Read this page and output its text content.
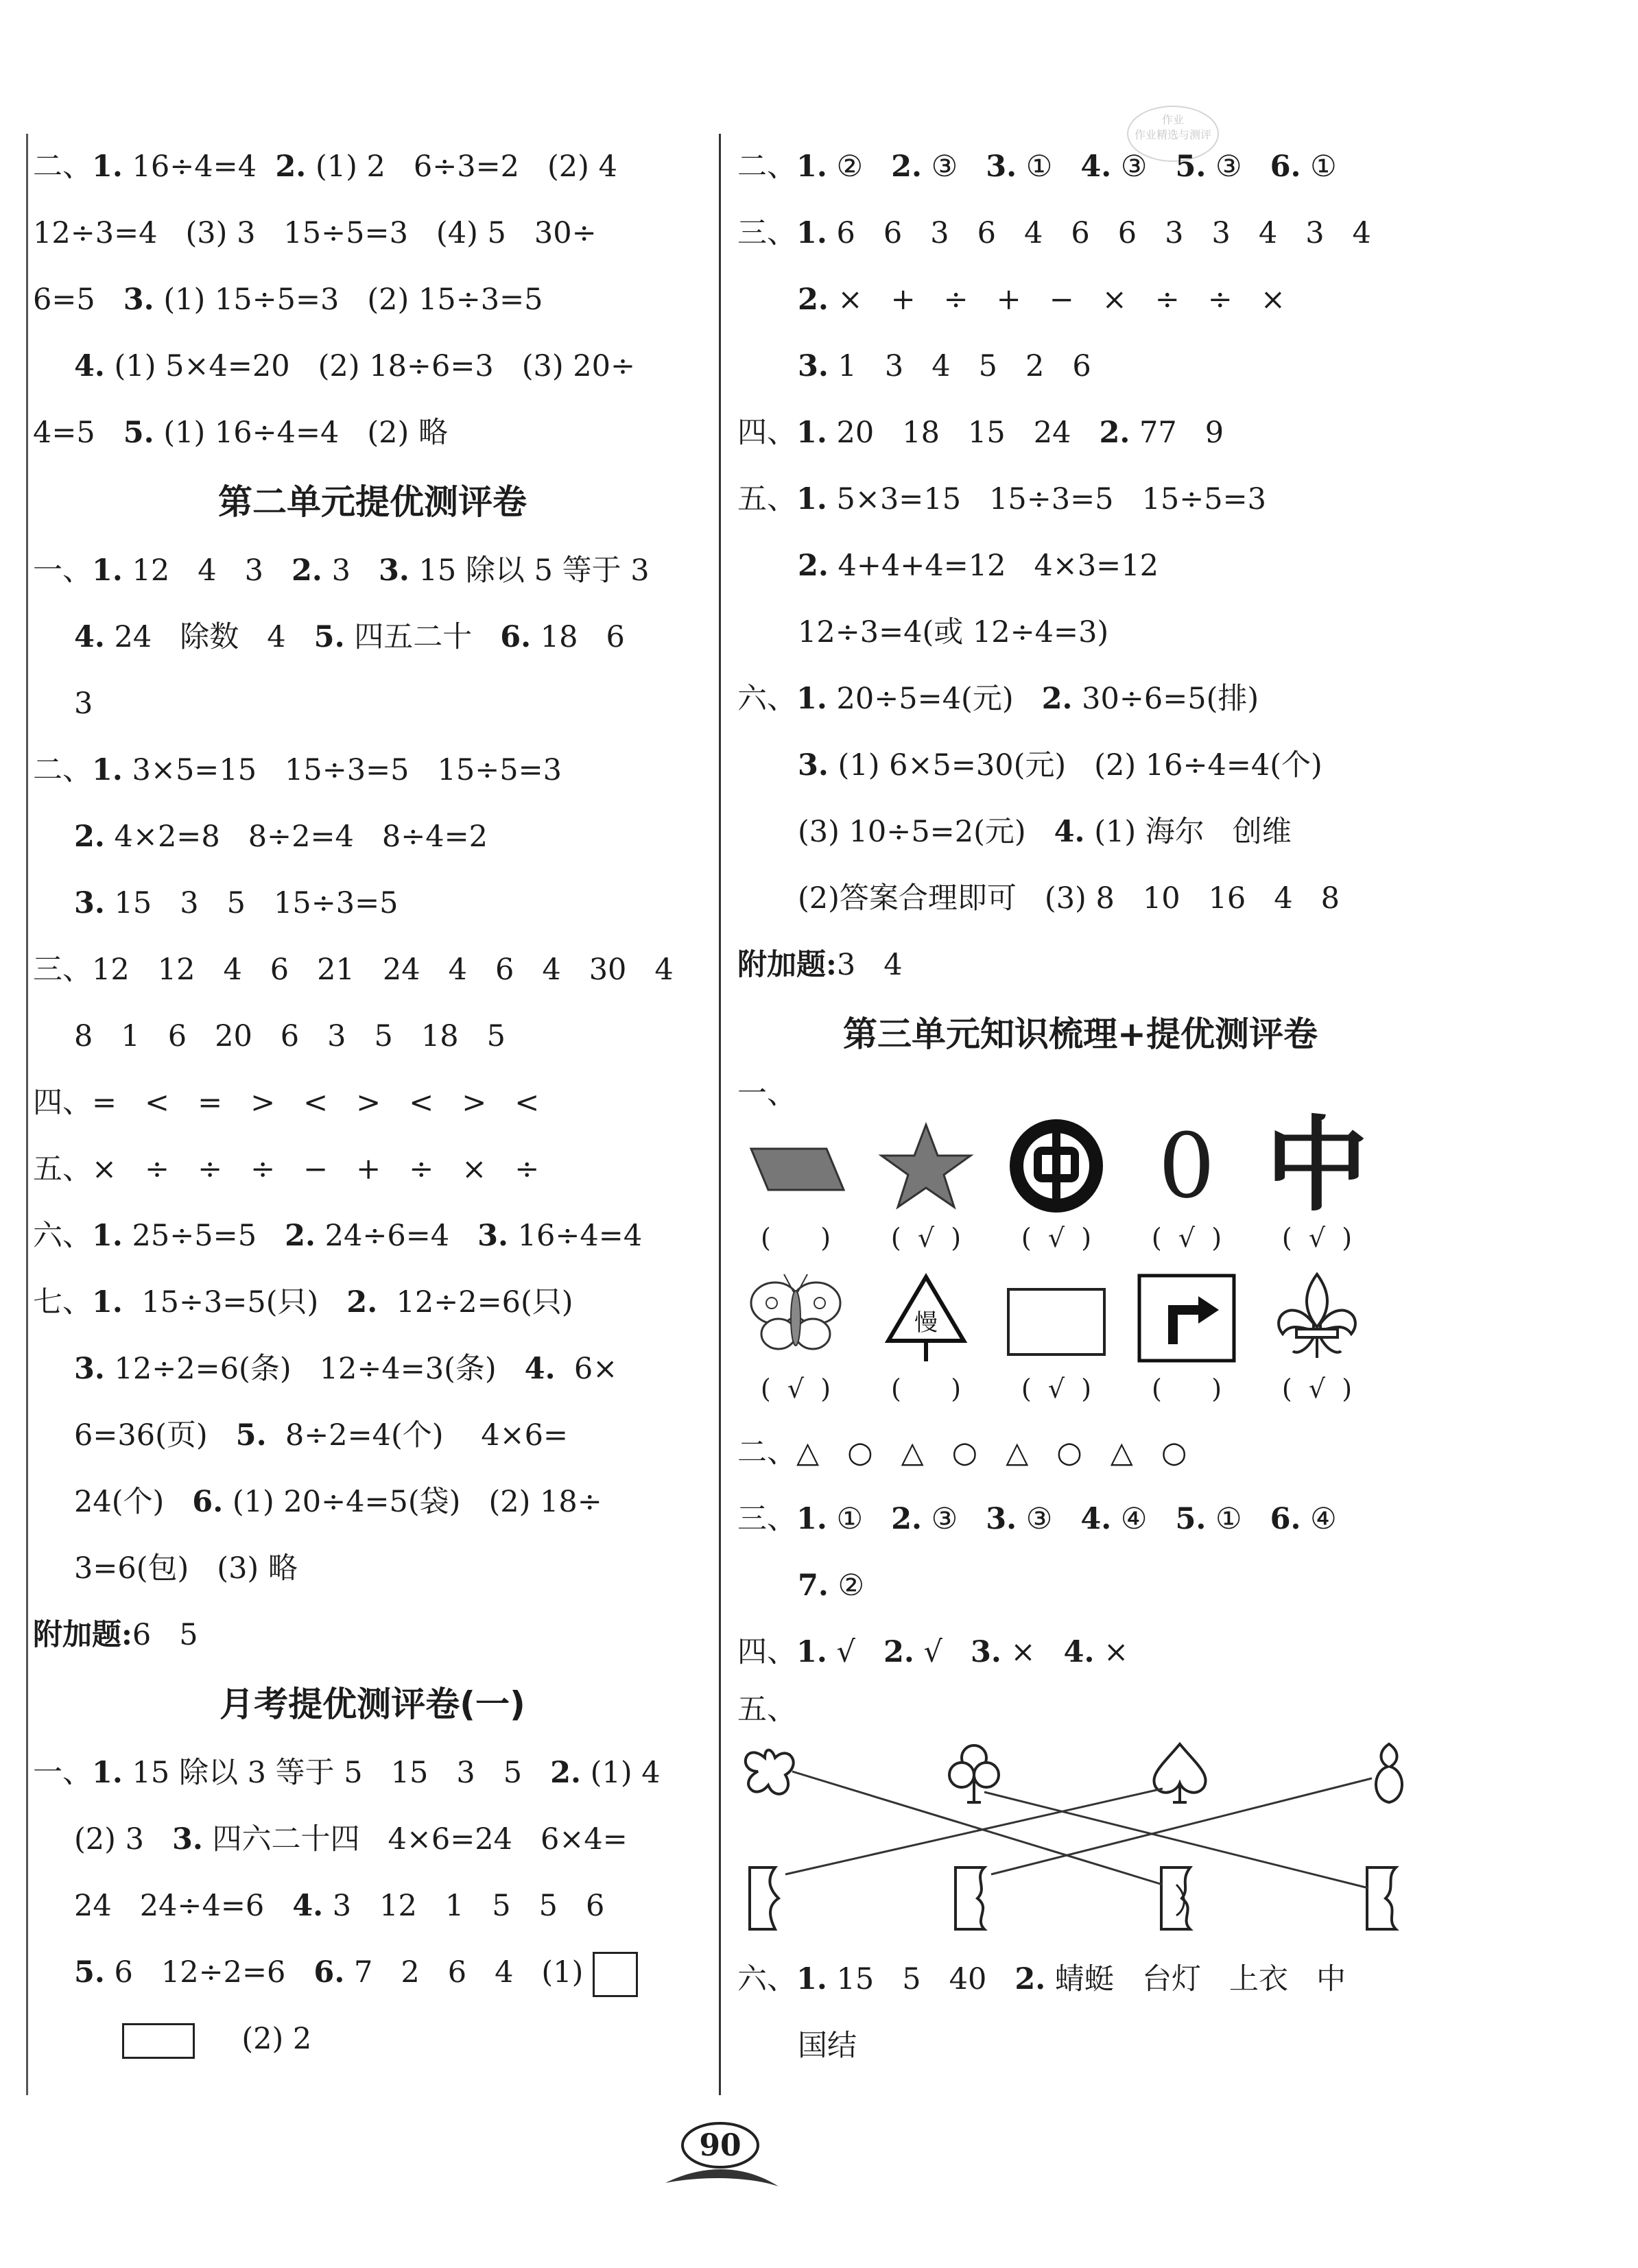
作业
作业精选与测评
二、1. 16÷4=4  2. (1) 2   6÷3=2   (2) 4
12÷3=4   (3) 3   15÷5=3   (4) 5   30÷
6=5   3. (1) 15÷5=3   (2) 15÷3=5
4. (1) 5×4=20   (2) 18÷6=3   (3) 20÷
4=5   5. (1) 16÷4=4   (2) 略
第二单元提优测评卷
一、1. 12   4   3   2. 3   3. 15 除以 5 等于 3
4. 24   除数   4   5. 四五二十   6. 18   6
3
二、1. 3×5=15   15÷3=5   15÷5=3
2. 4×2=8   8÷2=4   8÷4=2
3. 15   3   5   15÷3=5
三、12   12   4   6   21   24   4   6   4   30   4
8   1   6   20   6   3   5   18   5
四、=   <   =   >   <   >   <   >   <
五、×   ÷   ÷   ÷   −   +   ÷   ×   ÷
六、1. 25÷5=5   2. 24÷6=4   3. 16÷4=4
七、1.  15÷3=5(只)   2.  12÷2=6(只)
3. 12÷2=6(条)   12÷4=3(条)   4.  6×
6=36(页)   5.  8÷2=4(个)    4×6=
24(个)   6. (1) 20÷4=5(袋)   (2) 18÷
3=6(包)   (3) 略
附加题:6   5
月考提优测评卷(一)
一、1. 15 除以 3 等于 5   15   3   5   2. (1) 4
(2) 3   3. 四六二十四   4×6=24   6×4=
24   24÷4=6   4. 3   12   1   5   5   6
5. 6   12÷2=6   6. 7   2   6   4   (1)
(2) 2
二、1. ②   2. ③   3. ①   4. ③   5. ③   6. ①
三、1. 6   6   3   6   4   6   6   3   3   4   3   4
2. ×   +   ÷   +   −   ×   ÷   ÷   ×
3. 1   3   4   5   2   6
四、1. 20   18   15   24   2. 77   9
五、1. 5×3=15   15÷3=5   15÷5=3
2. 4+4+4=12   4×3=12
12÷3=4(或 12÷4=3)
六、1. 20÷5=4(元)   2. 30÷6=5(排)
3. (1) 6×5=30(元)   (2) 16÷4=4(个)
(3) 10÷5=2(元)   4. (1) 海尔   创维
(2)答案合理即可   (3) 8   10   16   4   8
附加题:3   4
第三单元知识梳理+提优测评卷
一、
(      )	(  √  )	(  √  )
0
(  √  )
中
(  √  )
(  √  )
慢
(      )	(  √  )	(      )	(  √  )
二、△   ○   △   ○   △   ○   △   ○
三、1. ①   2. ③   3. ③   4. ④   5. ①   6. ④
7. ②
四、1. √   2. √   3. ×   4. ×
五、
六、1. 15   5   40   2. 蜻蜓   台灯   上衣   中
国结
90
